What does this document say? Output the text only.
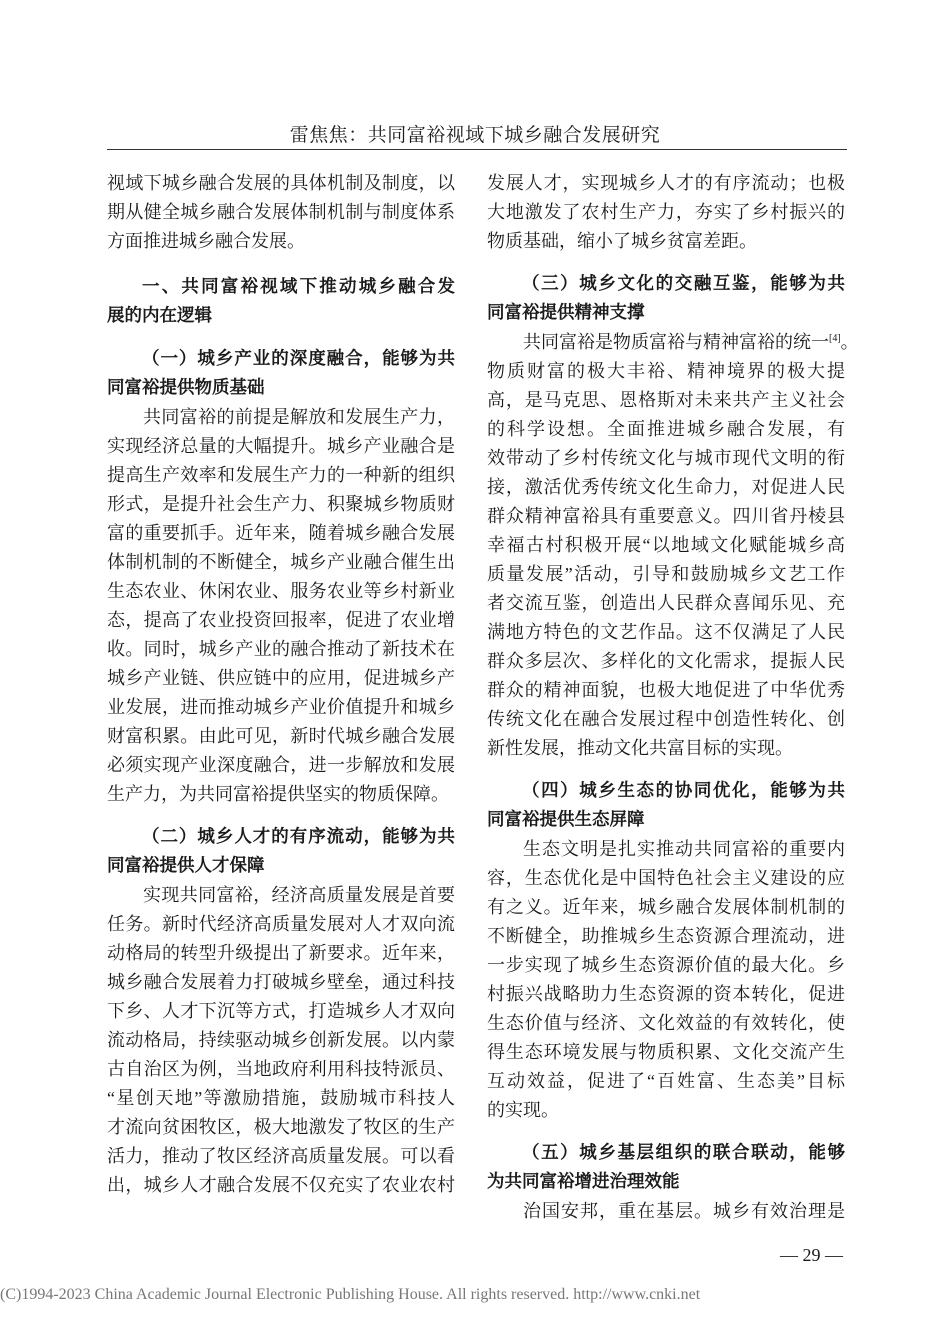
雷焦焦：共同富裕视域下城乡融合发展研究
视域下城乡融合发展的具体机制及制度，以
期从健全城乡融合发展体制机制与制度体系
方面推进城乡融合发展。
一、共同富裕视域下推动城乡融合发
展的内在逻辑
（一）城乡产业的深度融合，能够为共
同富裕提供物质基础
共同富裕的前提是解放和发展生产力，
实现经济总量的大幅提升。城乡产业融合是
提高生产效率和发展生产力的一种新的组织
形式，是提升社会生产力、积聚城乡物质财
富的重要抓手。近年来，随着城乡融合发展
体制机制的不断健全，城乡产业融合催生出
生态农业、休闲农业、服务农业等乡村新业
态，提高了农业投资回报率，促进了农业增
收。同时，城乡产业的融合推动了新技术在
城乡产业链、供应链中的应用，促进城乡产
业发展，进而推动城乡产业价值提升和城乡
财富积累。由此可见，新时代城乡融合发展
必须实现产业深度融合，进一步解放和发展
生产力，为共同富裕提供坚实的物质保障。
（二）城乡人才的有序流动，能够为共
同富裕提供人才保障
实现共同富裕，经济高质量发展是首要
任务。新时代经济高质量发展对人才双向流
动格局的转型升级提出了新要求。近年来，
城乡融合发展着力打破城乡壁垒，通过科技
下乡、人才下沉等方式，打造城乡人才双向
流动格局，持续驱动城乡创新发展。以内蒙
古自治区为例，当地政府利用科技特派员、
“星创天地”等激励措施，鼓励城市科技人
才流向贫困牧区，极大地激发了牧区的生产
活力，推动了牧区经济高质量发展。可以看
出，城乡人才融合发展不仅充实了农业农村
发展人才，实现城乡人才的有序流动；也极
大地激发了农村生产力，夯实了乡村振兴的
物质基础，缩小了城乡贫富差距。
（三）城乡文化的交融互鉴，能够为共
同富裕提供精神支撑
共同富裕是物质富裕与精神富裕的统一[4]。
物质财富的极大丰裕、精神境界的极大提
高，是马克思、恩格斯对未来共产主义社会
的科学设想。全面推进城乡融合发展，有
效带动了乡村传统文化与城市现代文明的衔
接，激活优秀传统文化生命力，对促进人民
群众精神富裕具有重要意义。四川省丹棱县
幸福古村积极开展“以地域文化赋能城乡高
质量发展”活动，引导和鼓励城乡文艺工作
者交流互鉴，创造出人民群众喜闻乐见、充
满地方特色的文艺作品。这不仅满足了人民
群众多层次、多样化的文化需求，提振人民
群众的精神面貌，也极大地促进了中华优秀
传统文化在融合发展过程中创造性转化、创
新性发展，推动文化共富目标的实现。
（四）城乡生态的协同优化，能够为共
同富裕提供生态屏障
生态文明是扎实推动共同富裕的重要内
容，生态优化是中国特色社会主义建设的应
有之义。近年来，城乡融合发展体制机制的
不断健全，助推城乡生态资源合理流动，进
一步实现了城乡生态资源价值的最大化。乡
村振兴战略助力生态资源的资本转化，促进
生态价值与经济、文化效益的有效转化，使
得生态环境发展与物质积累、文化交流产生
互动效益，促进了“百姓富、生态美”目标
的实现。
（五）城乡基层组织的联合联动，能够
为共同富裕增进治理效能
治国安邦，重在基层。城乡有效治理是
— 29 —
(C)1994-2023 China Academic Journal Electronic Publishing House. All rights reserved. http://www.cnki.net
